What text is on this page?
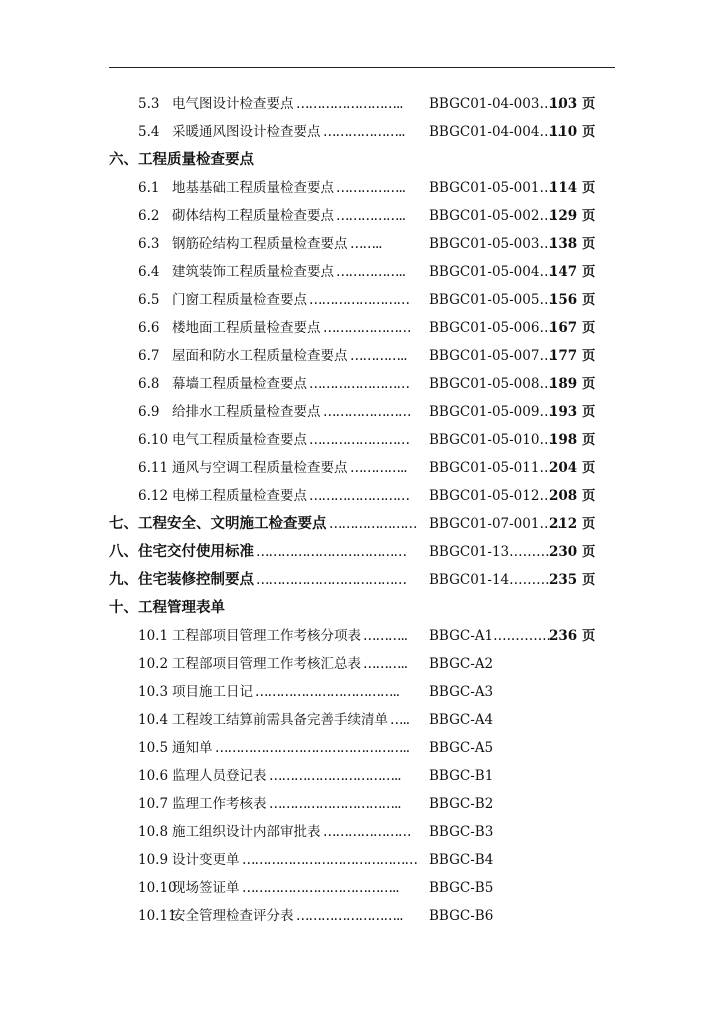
5.3 电气图设计检查要点 …………………….. BBGC01-04-003…..
103 页
5.4 采暖通风图设计检查要点 ……………….. BBGC01-04-004…..
110 页
六、工程质量检查要点
6.1 地基基础工程质量检查要点 …………….. BBGC01-05-001….
114 页
6.2 砌体结构工程质量检查要点 …………….. BBGC01-05-002….
129 页
6.3 钢筋砼结构工程质量检查要点 ……..	BBGC01-05-003….
138 页
6.4 建筑装饰工程质量检查要点 …………….. BBGC01-05-004….
147 页
6.5 门窗工程质量检查要点 …………………… BBGC01-05-005….
156 页
6.6 楼地面工程质量检查要点 ………………… BBGC01-05-006….
167 页
6.7 屋面和防水工程质量检查要点 ………….. BBGC01-05-007….
177 页
6.8 幕墙工程质量检查要点 …………………… BBGC01-05-008….
189 页
6.9 给排水工程质量检查要点 ………………… BBGC01-05-009….
193 页
6.10 电气工程质量检查要点 …………………… BBGC01-05-010….
198 页
6.11 通风与空调工程质量检查要点 ………….. BBGC01-05-011….
204 页
6.12 电梯工程质量检查要点 …………………… BBGC01-05-012….
208 页
七、工程安全、文明施工检查要点 ………………… BBGC01-07-001…..
212 页
八、住宅交付使用标准 ……………………………… BBGC01-13……….
230 页
九、住宅装修控制要点 ……………………………… BBGC01-14……….
235 页
十、工程管理表单
10.1 工程部项目管理工作考核分项表 ……….. BBGC-A1…..……..
236 页
10.2 工程部项目管理工作考核汇总表 ……….. BBGC-A2
10.3 项目施工日记 …………………………….. BBGC-A3
10.4 工程竣工结算前需具备完善手续清单 ….. BBGC-A4
10.5 通知单 ……………………………………….. BBGC-A5
10.6 监理人员登记表 ………………………….. BBGC-B1
10.7 监理工作考核表 ………………………….. BBGC-B2
10.8 施工组织设计内部审批表 ………………… BBGC-B3
10.9 设计变更单 …………………………………… BBGC-B4
10.10
现场签证单 ……………………………….. BBGC-B5
10.11
安全管理检查评分表 …………………….. BBGC-B6
